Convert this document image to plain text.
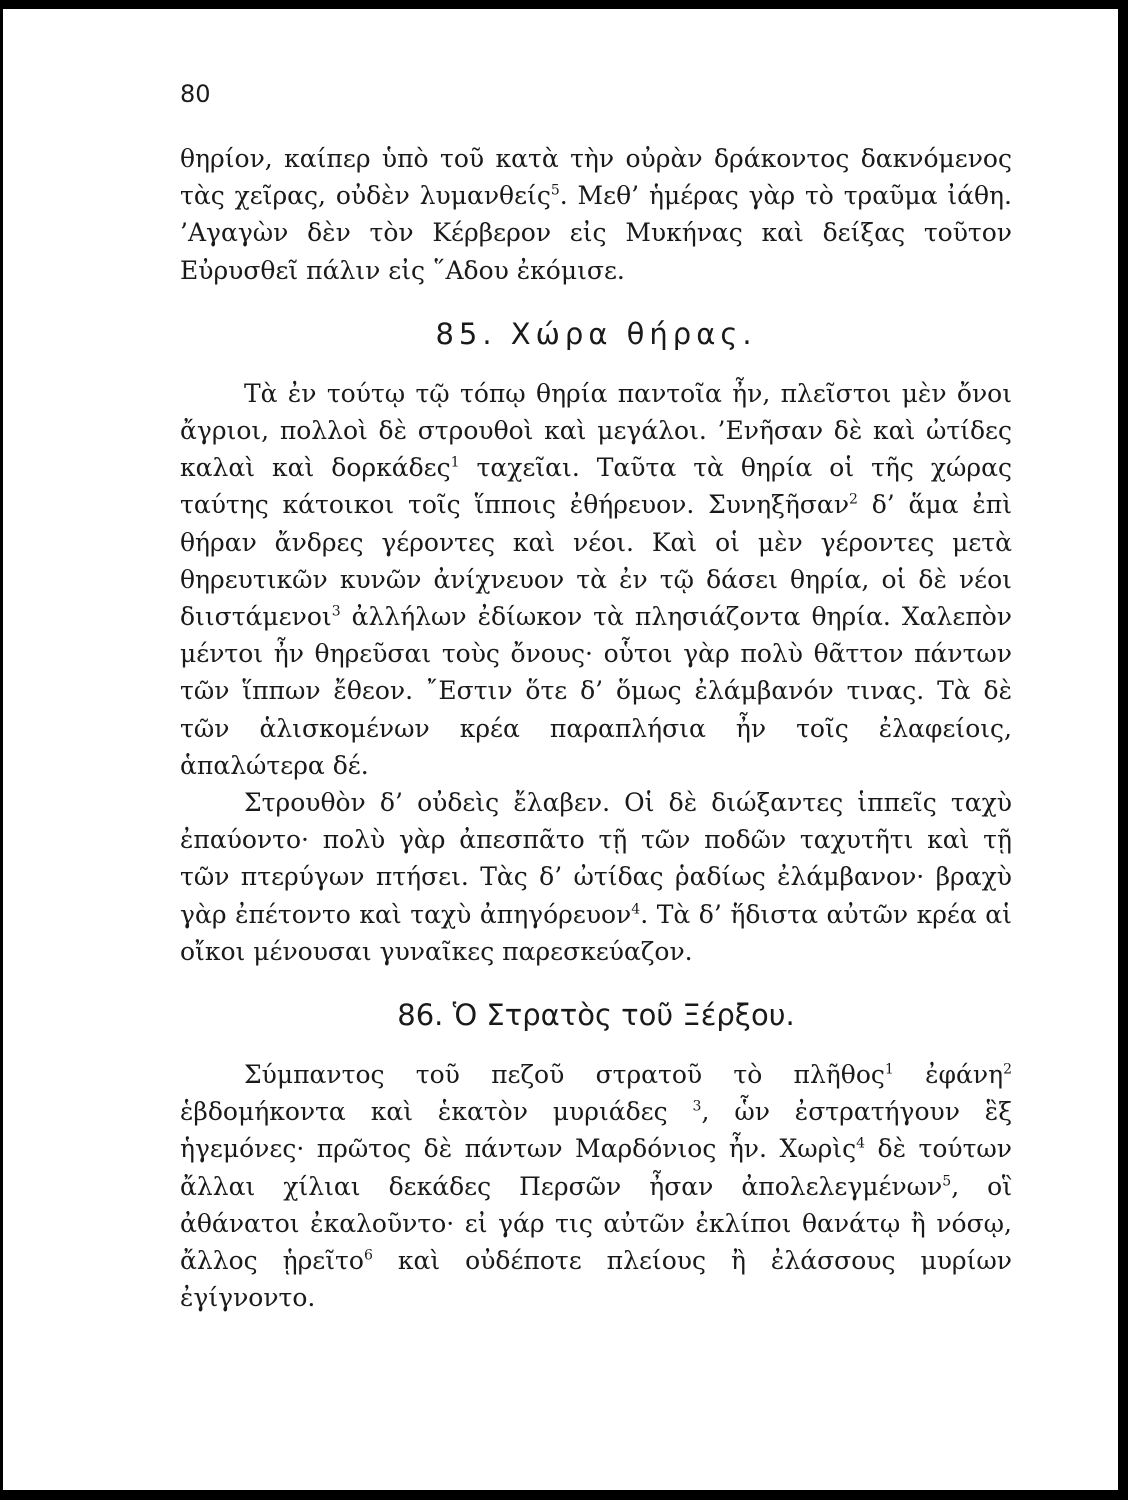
80

θηρίον, καίπερ ὑπὸ τοῦ κατὰ τὴν οὐρὰν δράκοντος δακνόμενος τὰς χεῖρας, οὐδὲν λυμανθείς$^5$. Μεθ’ ἡμέρας γὰρ τὸ τραῦμα ἰάθη. ’Αγαγὼν δὲν τὸν Κέρβερον εἰς Μυκήνας καὶ δείξας τοῦτον Εὐρυσθεῖ πάλιν εἰς ῞Αδου ἐκόμισε.

85. Χώρα θήρας.

Τὰ ἐν τούτῳ τῷ τόπῳ θηρία παντοῖα ἦν, πλεῖστοι μὲν ὄνοι ἄγριοι, πολλοὶ δὲ στρουθοὶ καὶ μεγάλοι. ’Ενῆσαν δὲ καὶ ὠτίδες καλαὶ καὶ δορκάδες$^1$ ταχεῖαι. Ταῦτα τὰ θηρία οἱ τῆς χώρας ταύτης κάτοικοι τοῖς ἵπποις ἐθήρευον. Συνηξῆσαν$^2$ δ’ ἅμα ἐπὶ θήραν ἄνδρες γέροντες καὶ νέοι. Καὶ οἱ μὲν γέροντες μετὰ θηρευτικῶν κυνῶν ἀνίχνευον τὰ ἐν τῷ δάσει θηρία, οἱ δὲ νέοι διιστάμενοι$^3$ ἀλλήλων ἐδίωκον τὰ πλησιάζοντα θηρία. Χαλεπὸν μέντοι ἦν θηρεῦσαι τοὺς ὄνους· οὗτοι γὰρ πολὺ θᾶττον πάντων τῶν ἵππων ἔθεον. ῎Εστιν ὅτε δ’ ὅμως ἐλάμβανόν τινας. Τὰ δὲ τῶν ἁλισκομένων κρέα παραπλήσια ἦν τοῖς ἐλαφείοις, ἁπαλώτερα δέ.

Στρουθὸν δ’ οὐδεὶς ἔλαβεν. Οἱ δὲ διώξαντες ἱππεῖς ταχὺ ἐπαύοντο· πολὺ γὰρ ἀπεσπᾶτο τῇ τῶν ποδῶν ταχυτῆτι καὶ τῇ τῶν πτερύγων πτήσει. Τὰς δ’ ὠτίδας ῥαδίως ἐλάμβανον· βραχὺ γὰρ ἐπέτοντο καὶ ταχὺ ἀπηγόρευον$^4$. Τὰ δ’ ἥδιστα αὐτῶν κρέα αἱ οἴκοι μένουσαι γυναῖκες παρεσκεύαζον.

86. Ὁ Στρατὸς τοῦ Ξέρξου.

Σύμπαντος τοῦ πεζοῦ στρατοῦ τὸ πλῆθος$^1$ ἐφάνη$^2$ ἑβδομήκοντα καὶ ἑκατὸν μυριάδες $^3$, ὧν ἐστρατήγουν ἓξ ἡγεμόνες· πρῶτος δὲ πάντων Μαρδόνιος ἦν. Χωρὶς$^4$ δὲ τούτων ἄλλαι χίλιαι δεκάδες Περσῶν ἦσαν ἀπολελεγμένων$^5$, οἳ ἀθάνατοι ἐκαλοῦντο· εἰ γάρ τις αὐτῶν ἐκλίποι θανάτῳ ἢ νόσῳ, ἄλλος ᾑρεῖτο$^6$ καὶ οὐδέποτε πλείους ἢ ἐλάσσους μυρίων ἐγίγνοντο.
